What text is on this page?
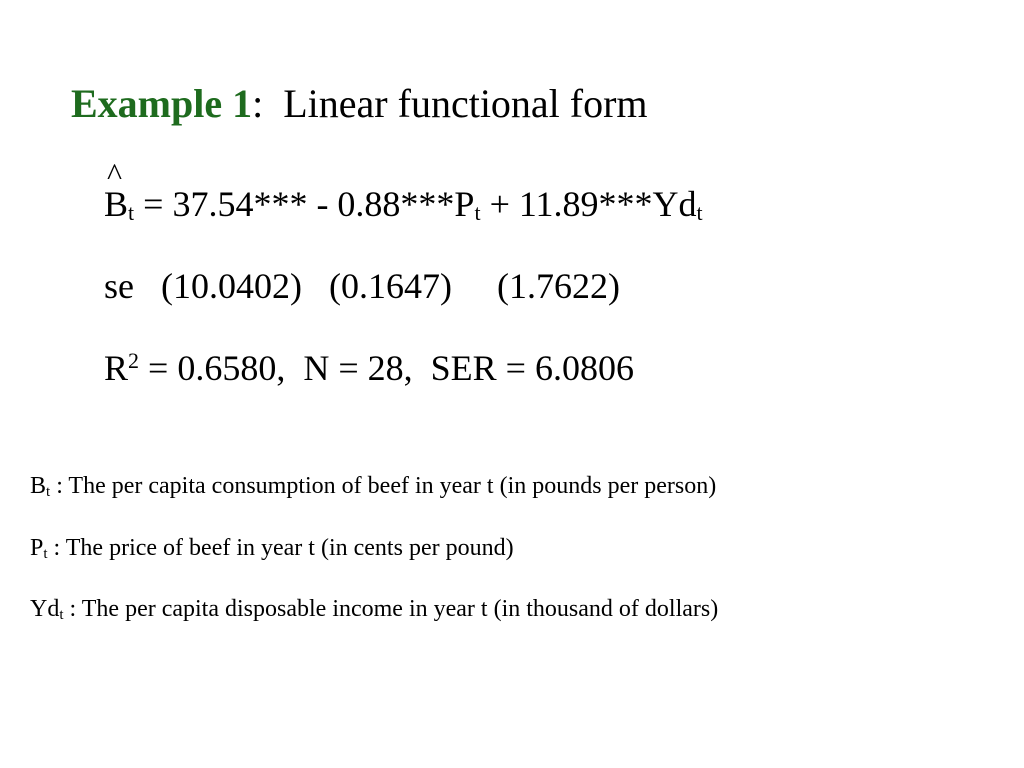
Example 1: Linear functional form
^
$B_t = 37.54*** - 0.88***P_t + 11.89***Yd_t$
se (10.0402) (0.1647) (1.7622)
$R^2 = 0.6580$,  N = 28,  SER = 6.0806
$B_t$ : The per capita consumption of beef in year t (in pounds per person)
$P_t$ : The price of beef in year t (in cents per pound)
$Yd_t$ : The per capita disposable income in year t (in thousand of dollars)
